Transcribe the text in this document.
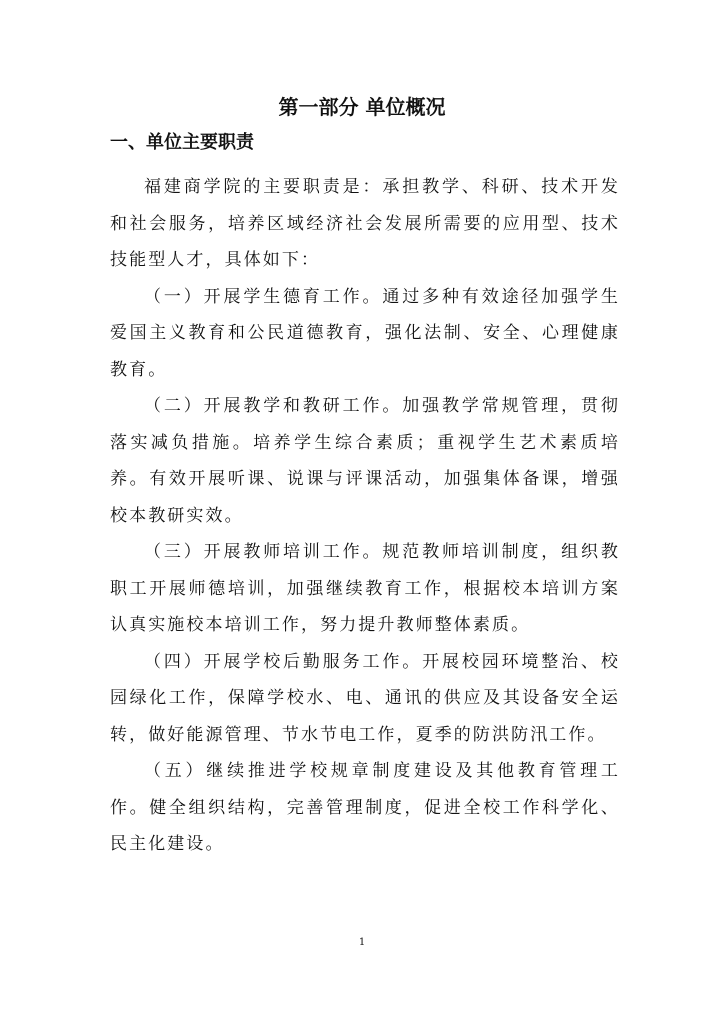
第一部分 单位概况
一、单位主要职责

福建商学院的主要职责是：承担教学、科研、技术开发和社会服务，培养区域经济社会发展所需要的应用型、技术技能型人才，具体如下：

（一）开展学生德育工作。通过多种有效途径加强学生爱国主义教育和公民道德教育，强化法制、安全、心理健康教育。

（二）开展教学和教研工作。加强教学常规管理，贯彻落实减负措施。培养学生综合素质；重视学生艺术素质培养。有效开展听课、说课与评课活动，加强集体备课，增强校本教研实效。

（三）开展教师培训工作。规范教师培训制度，组织教职工开展师德培训，加强继续教育工作，根据校本培训方案认真实施校本培训工作，努力提升教师整体素质。

（四）开展学校后勤服务工作。开展校园环境整治、校园绿化工作，保障学校水、电、通讯的供应及其设备安全运转，做好能源管理、节水节电工作，夏季的防洪防汛工作。

（五）继续推进学校规章制度建设及其他教育管理工作。健全组织结构，完善管理制度，促进全校工作科学化、民主化建设。

1
